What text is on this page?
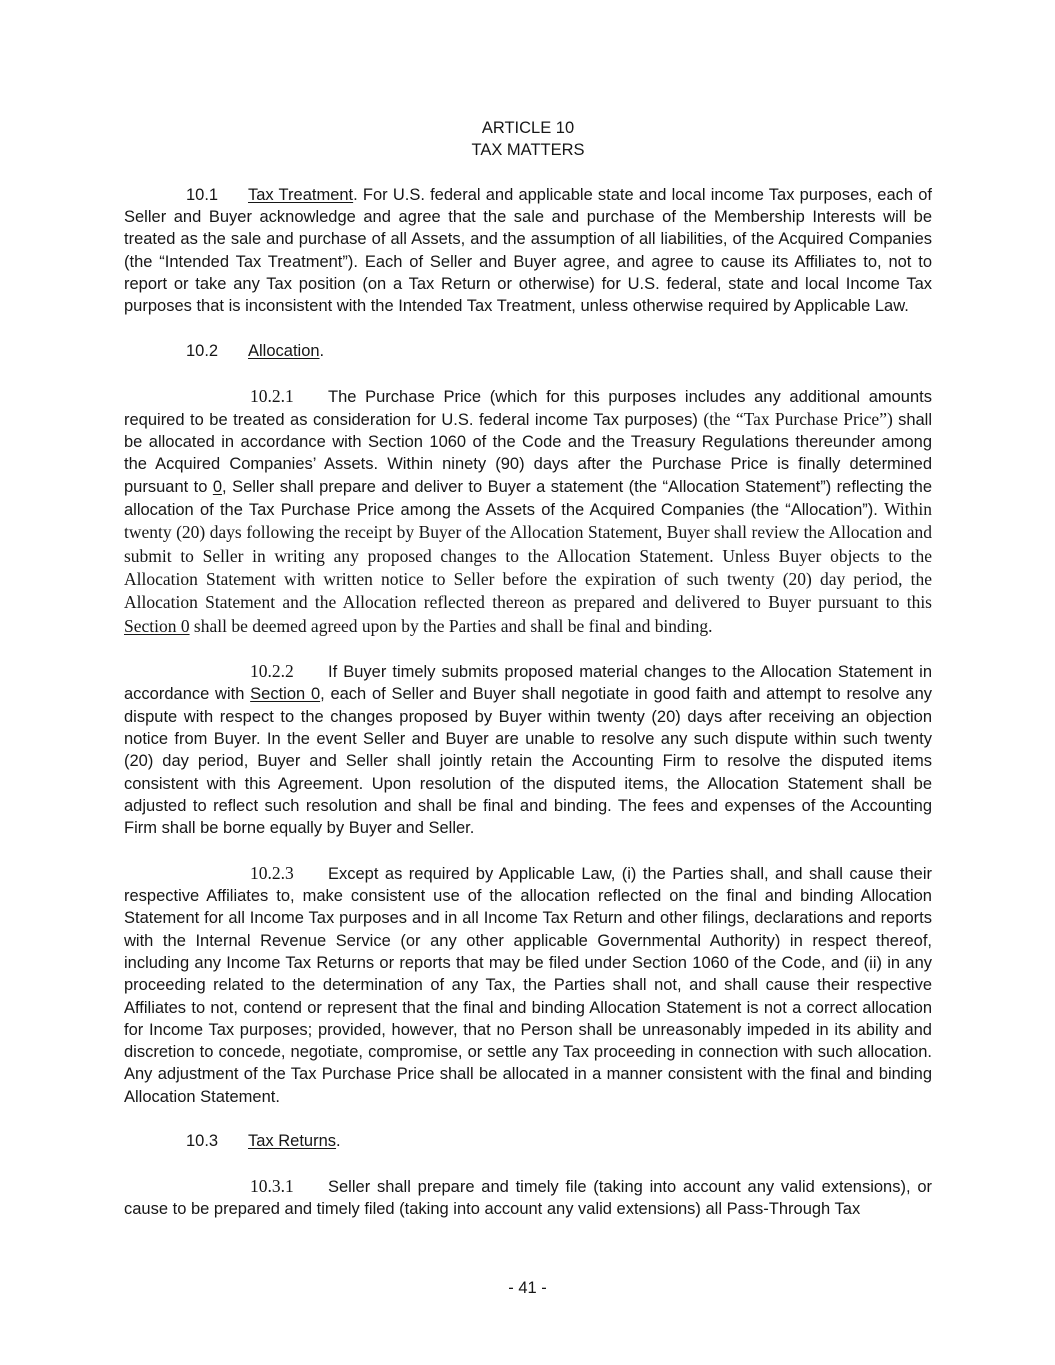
ARTICLE 10
TAX MATTERS

10.1 Tax Treatment. For U.S. federal and applicable state and local income Tax purposes, each of Seller and Buyer acknowledge and agree that the sale and purchase of the Membership Interests will be treated as the sale and purchase of all Assets, and the assumption of all liabilities, of the Acquired Companies (the “Intended Tax Treatment”). Each of Seller and Buyer agree, and agree to cause its Affiliates to, not to report or take any Tax position (on a Tax Return or otherwise) for U.S. federal, state and local Income Tax purposes that is inconsistent with the Intended Tax Treatment, unless otherwise required by Applicable Law.

10.2 Allocation.

10.2.1 The Purchase Price (which for this purposes includes any additional amounts required to be treated as consideration for U.S. federal income Tax purposes) (the “Tax Purchase Price”) shall be allocated in accordance with Section 1060 of the Code and the Treasury Regulations thereunder among the Acquired Companies’ Assets. Within ninety (90) days after the Purchase Price is finally determined pursuant to 0, Seller shall prepare and deliver to Buyer a statement (the “Allocation Statement”) reflecting the allocation of the Tax Purchase Price among the Assets of the Acquired Companies (the “Allocation”). Within twenty (20) days following the receipt by Buyer of the Allocation Statement, Buyer shall review the Allocation and submit to Seller in writing any proposed changes to the Allocation Statement. Unless Buyer objects to the Allocation Statement with written notice to Seller before the expiration of such twenty (20) day period, the Allocation Statement and the Allocation reflected thereon as prepared and delivered to Buyer pursuant to this Section 0 shall be deemed agreed upon by the Parties and shall be final and binding.

10.2.2 If Buyer timely submits proposed material changes to the Allocation Statement in accordance with Section 0, each of Seller and Buyer shall negotiate in good faith and attempt to resolve any dispute with respect to the changes proposed by Buyer within twenty (20) days after receiving an objection notice from Buyer. In the event Seller and Buyer are unable to resolve any such dispute within such twenty (20) day period, Buyer and Seller shall jointly retain the Accounting Firm to resolve the disputed items consistent with this Agreement. Upon resolution of the disputed items, the Allocation Statement shall be adjusted to reflect such resolution and shall be final and binding. The fees and expenses of the Accounting Firm shall be borne equally by Buyer and Seller.

10.2.3 Except as required by Applicable Law, (i) the Parties shall, and shall cause their respective Affiliates to, make consistent use of the allocation reflected on the final and binding Allocation Statement for all Income Tax purposes and in all Income Tax Return and other filings, declarations and reports with the Internal Revenue Service (or any other applicable Governmental Authority) in respect thereof, including any Income Tax Returns or reports that may be filed under Section 1060 of the Code, and (ii) in any proceeding related to the determination of any Tax, the Parties shall not, and shall cause their respective Affiliates to not, contend or represent that the final and binding Allocation Statement is not a correct allocation for Income Tax purposes; provided, however, that no Person shall be unreasonably impeded in its ability and discretion to concede, negotiate, compromise, or settle any Tax proceeding in connection with such allocation. Any adjustment of the Tax Purchase Price shall be allocated in a manner consistent with the final and binding Allocation Statement.

10.3 Tax Returns.

10.3.1 Seller shall prepare and timely file (taking into account any valid extensions), or cause to be prepared and timely filed (taking into account any valid extensions) all Pass-Through Tax

- 41 -
